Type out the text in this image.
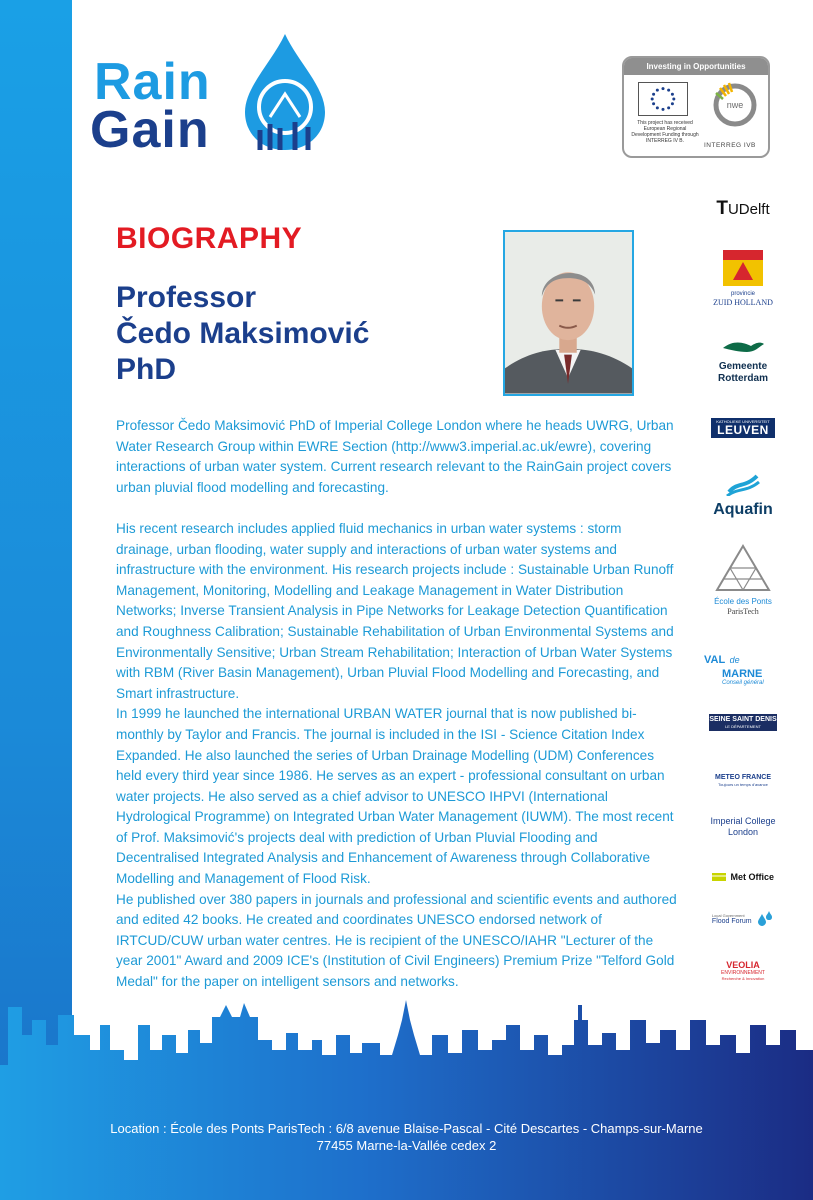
Rain
Gain
Investing in Opportunities
This project has received European Regional Development Funding through INTERREG IV B.
nwe
INTERREG IVB
BIOGRAPHY
Professor
Čedo Maksimović
PhD

Professor Čedo Maksimović PhD of Imperial College London where he heads UWRG, Urban Water Research Group within EWRE Section (http://www3.imperial.ac.uk/ewre), covering interactions of urban water system. Current research relevant to the RainGain project covers urban pluvial flood modelling and forecasting.

His recent research includes applied fluid mechanics in urban water systems : storm drainage, urban flooding, water supply and interactions of urban water systems and infrastructure with the environment. His research projects include : Sustainable Urban Runoff Management, Monitoring, Modelling and Leakage Management in Water Distribution Networks; Inverse Transient Analysis in Pipe Networks for Leakage Detection Quantification and Roughness Calibration; Sustainable Rehabilitation of Urban Environmental Systems and Environmentally Sensitive; Urban Stream Rehabilitation; Interaction of Urban Water Systems with RBM (River Basin Management), Urban Pluvial Flood Modelling and Forecasting, and Smart infrastructure.

In 1999 he launched the international URBAN WATER journal that is now published bi-monthly by Taylor and Francis. The journal is included in the ISI - Science Citation Index Expanded. He also launched the series of Urban Drainage Modelling (UDM) Conferences held every third year since 1986. He serves as an expert - professional consultant on urban water projects. He also served as a chief advisor to UNESCO IHPVI (International Hydrological Programme) on Integrated Urban Water Management (IUWM). The most recent of Prof. Maksimović's projects deal with prediction of Urban Pluvial Flooding and Decentralised Integrated Analysis and Enhancement of Awareness through Collaborative Modelling and Management of Flood Risk.

He published over 380 papers in journals and professional and scientific events and authored and edited 42 books. He created and coordinates UNESCO endorsed network of IRTCUD/CUW urban water centres. He is recipient of the UNESCO/IAHR "Lecturer of the year 2001" Award and 2009 ICE's (Institution of Civil Engineers) Premium Prize "Telford Gold Medal" for the paper on intelligent sensors and networks.

TUDelft
provincie
ZUID HOLLAND
Gemeente
Rotterdam
KATHOLIEKE UNIVERSITEIT
LEUVEN
Aquafin
École des Ponts
ParisTech
VAL de
MARNE
Conseil général
SEINE SAINT DENIS
LE DÉPARTEMENT
METEO FRANCE
Toujours un temps d'avance
Imperial College
London
Met Office
Local Government
Flood Forum

VEOLIA
ENVIRONNEMENT
Recherche & Innovation
Location : École des Ponts ParisTech : 6/8 avenue Blaise-Pascal - Cité Descartes - Champs-sur-Marne
77455 Marne-la-Vallée cedex 2
